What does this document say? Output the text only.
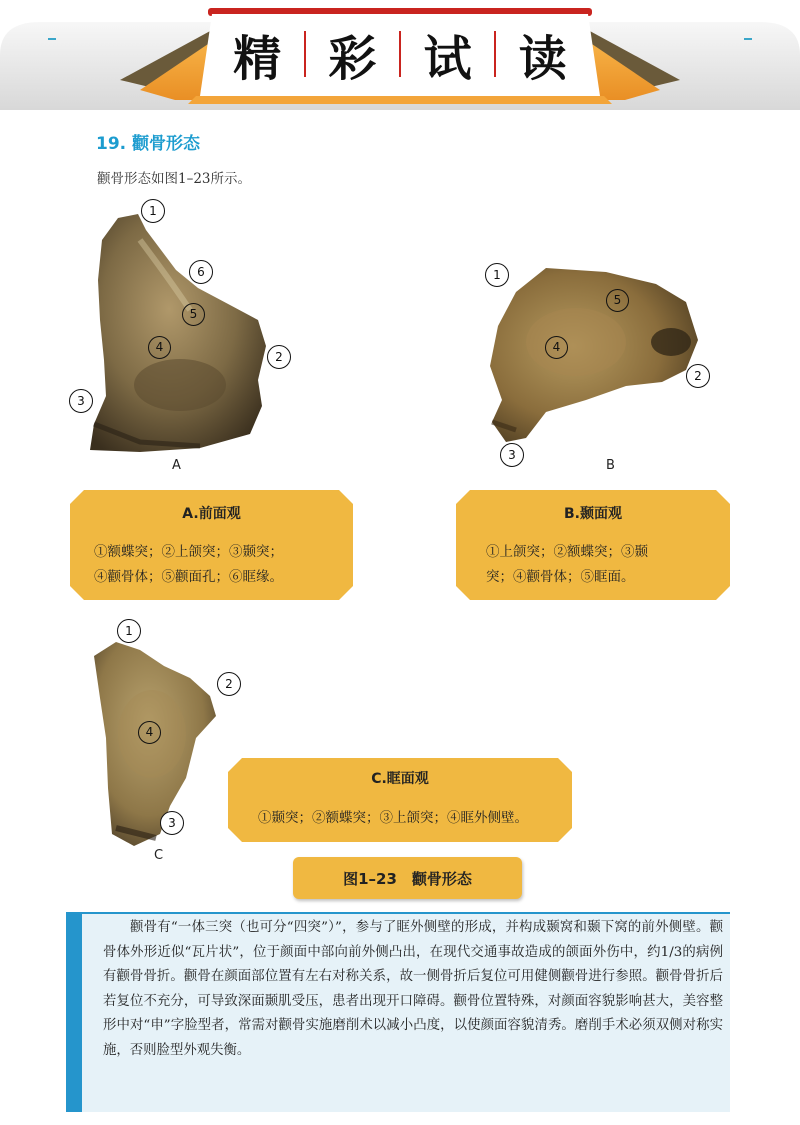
精 彩 试 读
19. 颧骨形态
颧骨形态如图1–23所示。
A
1
6
2
3
5
4
B
1
2
3
5
4
A.前面观
①额蝶突；②上颌突；③颞突；
④颧骨体；⑤颧面孔；⑥眶缘。
B.颞面观
①上颌突；②额蝶突；③颞
突；④颧骨体；⑤眶面。
C
1
2
3
4
C.眶面观
①颞突；②额蝶突；③上颌突；④眶外侧壁。
图1–23　颧骨形态
颧骨有“一体三突（也可分“四突”）”，参与了眶外侧壁的形成，并构成颞窝和颞下窝的前外侧壁。颧骨体外形近似“瓦片状”，位于颜面中部向前外侧凸出，在现代交通事故造成的颌面外伤中，约1/3的病例有颧骨骨折。颧骨在颜面部位置有左右对称关系，故一侧骨折后复位可用健侧颧骨进行参照。颧骨骨折后若复位不充分，可导致深面颞肌受压，患者出现开口障碍。颧骨位置特殊，对颜面容貌影响甚大，美容整形中对“申”字脸型者，常需对颧骨实施磨削术以减小凸度，以使颜面容貌清秀。磨削手术必须双侧对称实施，否则脸型外观失衡。
